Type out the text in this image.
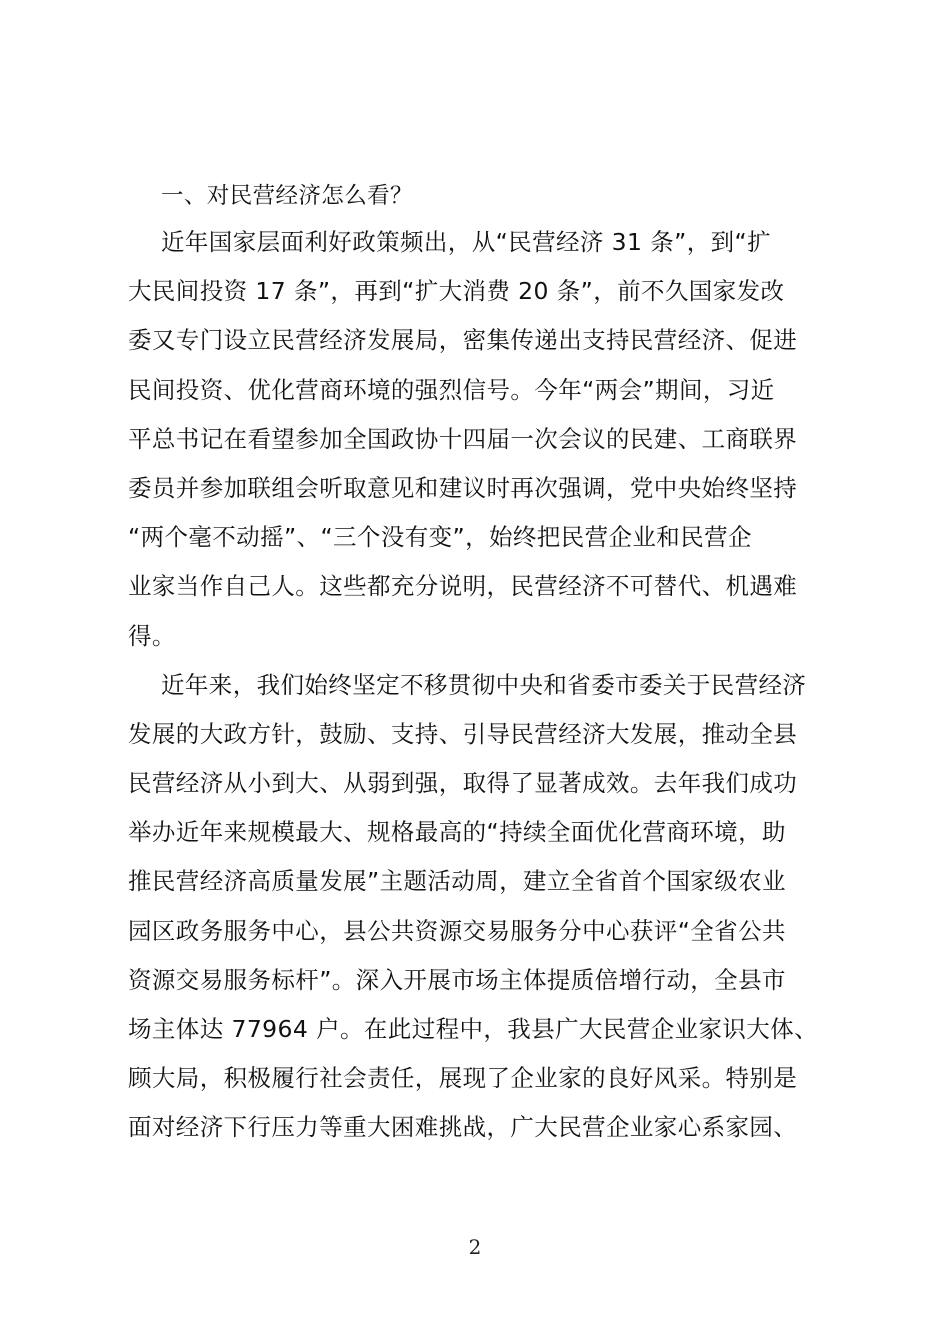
一、对民营经济怎么看？
近年国家层面利好政策频出，从“民营经济 31 条”，到“扩
大民间投资 17 条”，再到“扩大消费 20 条”，前不久国家发改
委又专门设立民营经济发展局，密集传递出支持民营经济、促进
民间投资、优化营商环境的强烈信号。今年“两会”期间，习近
平总书记在看望参加全国政协十四届一次会议的民建、工商联界
委员并参加联组会听取意见和建议时再次强调，党中央始终坚持
“两个毫不动摇”、“三个没有变”，始终把民营企业和民营企
业家当作自己人。这些都充分说明，民营经济不可替代、机遇难
得。
近年来，我们始终坚定不移贯彻中央和省委市委关于民营经济
发展的大政方针，鼓励、支持、引导民营经济大发展，推动全县
民营经济从小到大、从弱到强，取得了显著成效。去年我们成功
举办近年来规模最大、规格最高的“持续全面优化营商环境，助
推民营经济高质量发展”主题活动周，建立全省首个国家级农业
园区政务服务中心，县公共资源交易服务分中心获评“全省公共
资源交易服务标杆”。深入开展市场主体提质倍增行动，全县市
场主体达 77964 户。在此过程中，我县广大民营企业家识大体、
顾大局，积极履行社会责任，展现了企业家的良好风采。特别是
面对经济下行压力等重大困难挑战，广大民营企业家心系家园、
2
